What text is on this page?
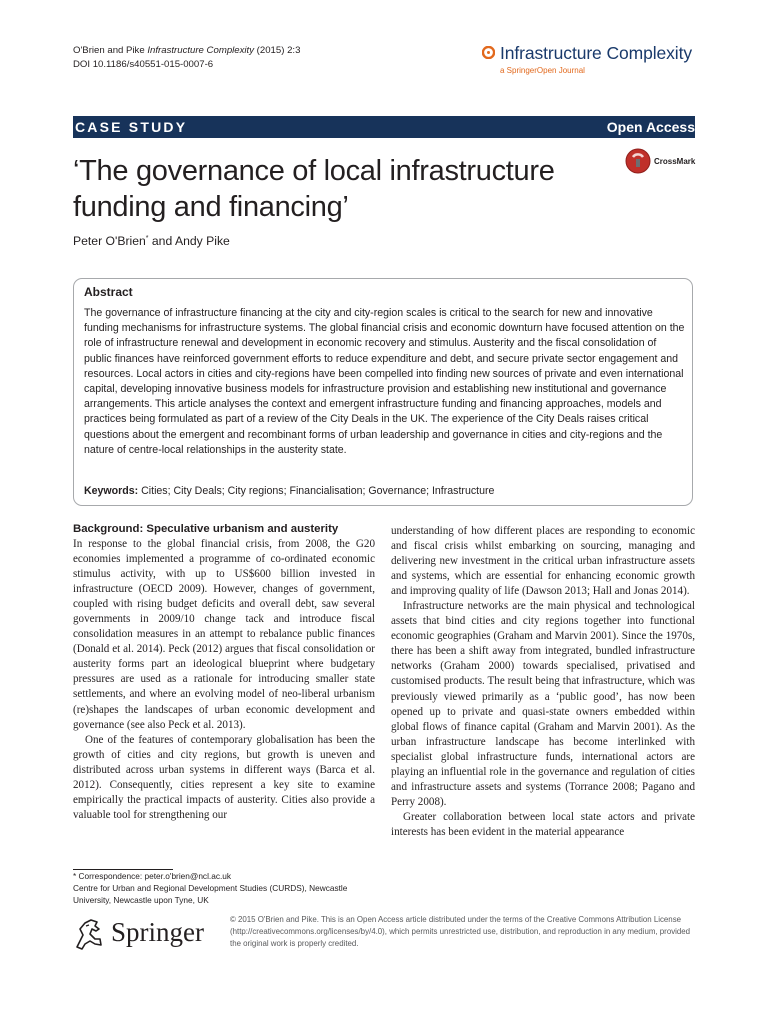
O'Brien and Pike Infrastructure Complexity (2015) 2:3
DOI 10.1186/s40551-015-0007-6
Infrastructure Complexity
a SpringerOpen Journal
CASE STUDY	Open Access
‘The governance of local infrastructure
funding and financing’
CrossMark
Peter O'Brien* and Andy Pike
Abstract
The governance of infrastructure financing at the city and city-region scales is critical to the search for new and innovative funding mechanisms for infrastructure systems. The global financial crisis and economic downturn have focused attention on the role of infrastructure renewal and development in economic recovery and stimulus. Austerity and the fiscal consolidation of public finances have reinforced government efforts to reduce expenditure and debt, and secure private sector engagement and resources. Local actors in cities and city-regions have been compelled into finding new sources of private and even international capital, developing innovative business models for infrastructure provision and establishing new institutional and governance arrangements. This article analyses the context and emergent infrastructure funding and financing approaches, models and practices being formulated as part of a review of the City Deals in the UK. The experience of the City Deals raises critical questions about the emergent and recombinant forms of urban leadership and governance in cities and city-regions and the nature of centre-local relationships in the austerity state.
Keywords: Cities; City Deals; City regions; Financialisation; Governance; Infrastructure
Background: Speculative urbanism and austerity

In response to the global financial crisis, from 2008, the G20 economies implemented a programme of co-ordinated economic stimulus activity, with up to US$600 billion invested in infrastructure (OECD 2009). However, changes of government, coupled with rising budget deficits and overall debt, saw several governments in 2009/10 change tack and introduce fiscal consolidation measures in an attempt to rebalance public finances (Donald et al. 2014). Peck (2012) argues that fiscal consolidation or austerity forms part an ideological blueprint where budgetary pressures are used as a rationale for introducing smaller state settlements, and where an evolving model of neo-liberal urbanism (re)shapes the landscapes of urban economic development and governance (see also Peck et al. 2013).

One of the features of contemporary globalisation has been the growth of cities and city regions, but growth is uneven and distributed across urban systems in different ways (Barca et al. 2012). Consequently, cities represent a key site to examine empirically the practical impacts of austerity. Cities also provide a valuable tool for strengthening our

understanding of how different places are responding to economic and fiscal crisis whilst embarking on sourcing, managing and delivering new investment in the critical urban infrastructure assets and systems, which are essential for enhancing economic growth and improving quality of life (Dawson 2013; Hall and Jonas 2014).

Infrastructure networks are the main physical and technological assets that bind cities and city regions together into functional economic geographies (Graham and Marvin 2001). Since the 1970s, there has been a shift away from integrated, bundled infrastructure networks (Graham 2000) towards specialised, privatised and customised products. The result being that infrastructure, which was previously viewed primarily as a ‘public good’, has now been opened up to private and quasi-state owners embedded within global flows of finance capital (Graham and Marvin 2001). As the urban infrastructure landscape has become interlinked with specialist global infrastructure funds, international actors are playing an influential role in the governance and regulation of cities and infrastructure assets and systems (Torrance 2008; Pagano and Perry 2008).

Greater collaboration between local state actors and private interests has been evident in the material appearance

* Correspondence: peter.o'brien@ncl.ac.uk
Centre for Urban and Regional Development Studies (CURDS), Newcastle University, Newcastle upon Tyne, UK
Springer	© 2015 O'Brien and Pike. This is an Open Access article distributed under the terms of the Creative Commons Attribution License (http://creativecommons.org/licenses/by/4.0), which permits unrestricted use, distribution, and reproduction in any medium, provided the original work is properly credited.
